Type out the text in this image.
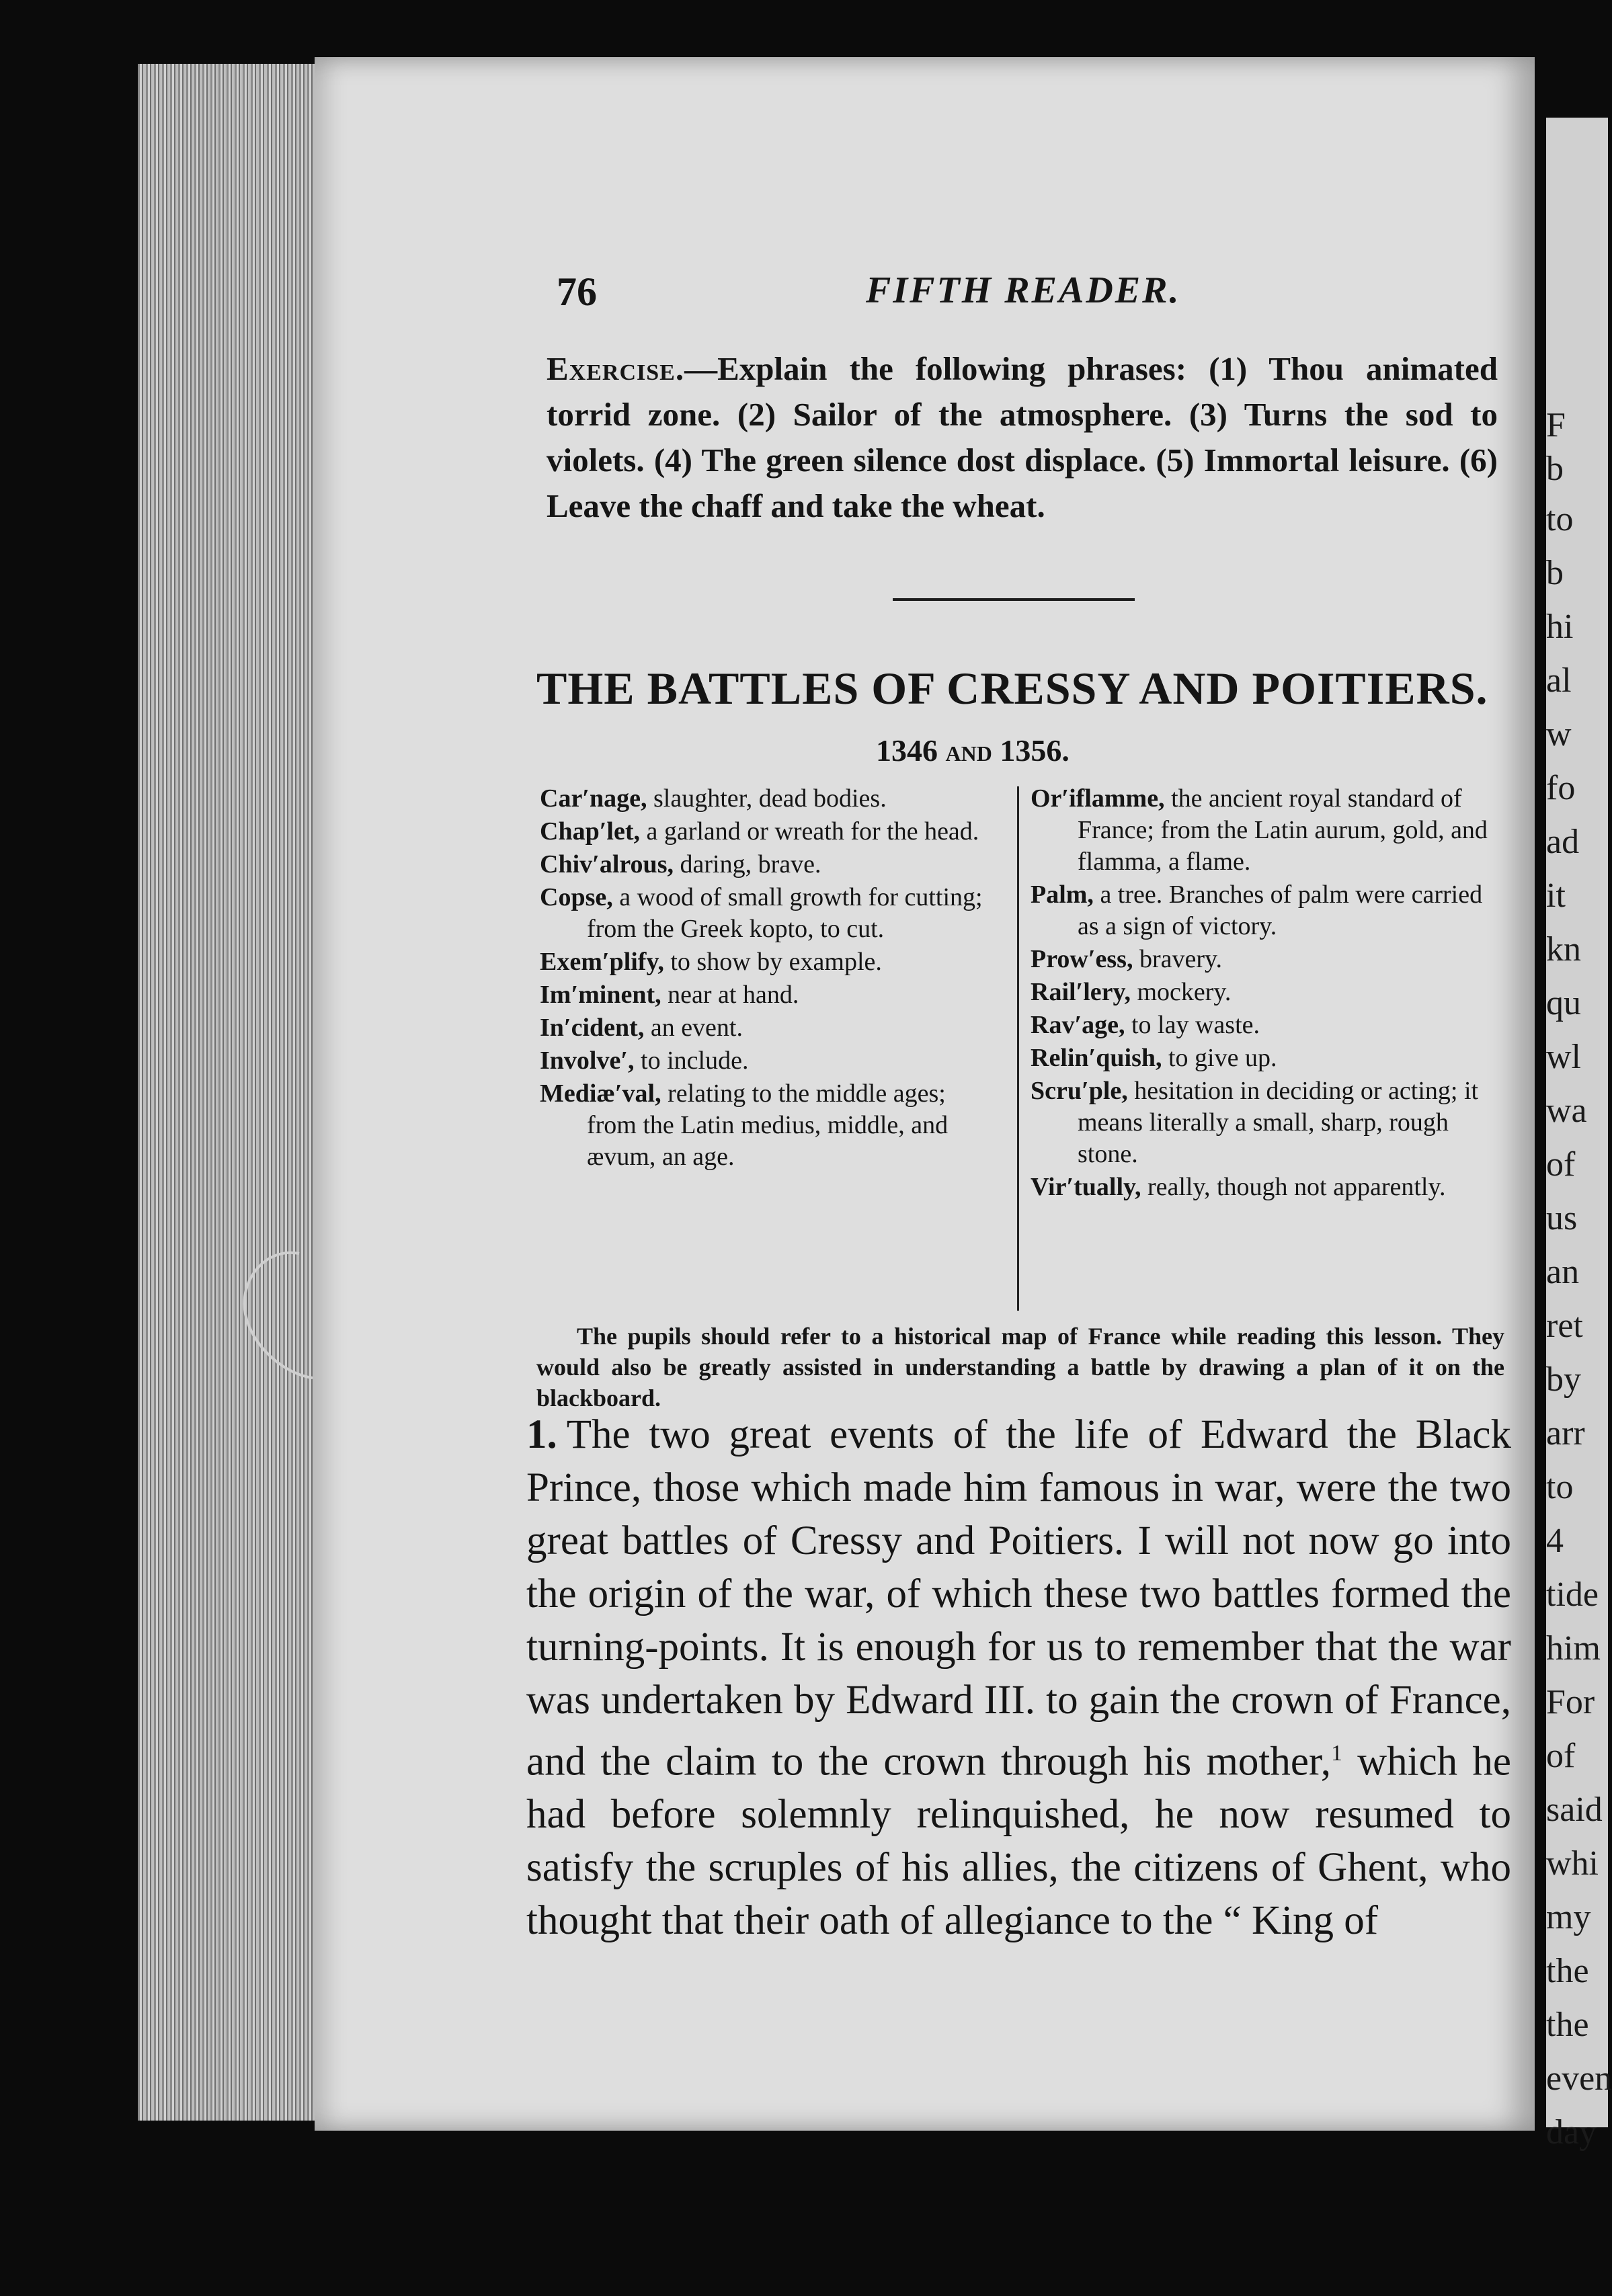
F
b
to
b
hi
al
w
fo
ad
it
kn
qu
wl
wa
of
us
an
ret
by
arr
to
4
tide
him
For
of
said
whi
my
the
the
even
day
76	FIFTH READER.
Exercise.—Explain the following phrases: (1) Thou animated torrid zone. (2) Sailor of the atmosphere. (3) Turns the sod to violets. (4) The green silence dost displace. (5) Immortal leisure. (6) Leave the chaff and take the wheat.
THE BATTLES OF CRESSY AND POITIERS.
1346 and 1356.
Car′nage, slaughter, dead bodies.
Chap′let, a garland or wreath for the head.
Chiv′alrous, daring, brave.
Copse, a wood of small growth for cutting; from the Greek kopto, to cut.
Exem′plify, to show by example.
Im′minent, near at hand.
In′cident, an event.
Involve′, to include.
Mediæ′val, relating to the middle ages; from the Latin medius, middle, and ævum, an age.
Or′iflamme, the ancient royal standard of France; from the Latin aurum, gold, and flamma, a flame.
Palm, a tree. Branches of palm were carried as a sign of victory.
Prow′ess, bravery.
Rail′lery, mockery.
Rav′age, to lay waste.
Relin′quish, to give up.
Scru′ple, hesitation in deciding or acting; it means literally a small, sharp, rough stone.
Vir′tually, really, though not apparently.
The pupils should refer to a historical map of France while reading this lesson. They would also be greatly assisted in understanding a battle by drawing a plan of it on the blackboard.
1. The two great events of the life of Edward the Black Prince, those which made him famous in war, were the two great battles of Cressy and Poitiers. I will not now go into the origin of the war, of which these two battles formed the turning-points. It is enough for us to remember that the war was undertaken by Edward III. to gain the crown of France, and the claim to the crown through his mother,$^1$ which he had before solemnly relinquished, he now resumed to satisfy the scruples of his allies, the citizens of Ghent, who thought that their oath of allegiance to the “ King of
